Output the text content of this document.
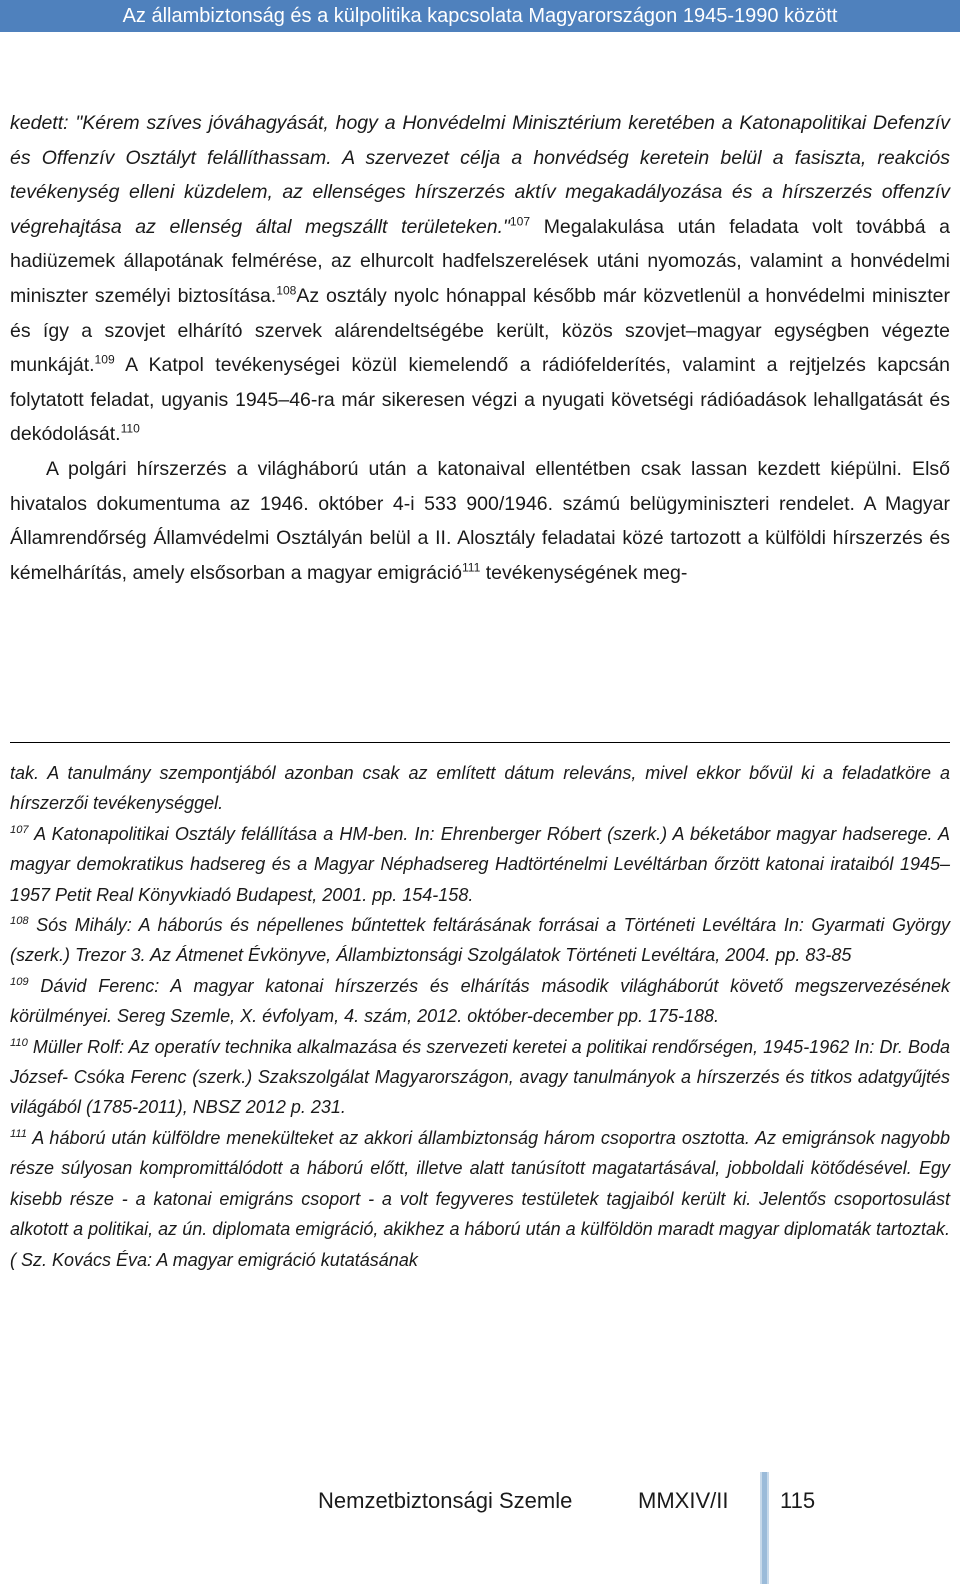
Az állambiztonság és a külpolitika kapcsolata Magyarországon 1945-1990 között

kedett: "Kérem szíves jóváhagyását, hogy a Honvédelmi Minisztérium keretében a Katonapolitikai Defenzív és Offenzív Osztályt felállíthassam. A szervezet célja a honvédség keretein belül a fasiszta, reakciós tevékenység elleni küzdelem, az ellenséges hírszerzés aktív megakadályozása és a hírszerzés offenzív végrehajtása az ellenség által megszállt területeken."$^{107}$ Megalakulása után feladata volt továbbá a hadiüzemek állapotának felmérése, az elhurcolt hadfelszerelések utáni nyomozás, valamint a honvédelmi miniszter személyi biztosítása.$^{108}$Az osztály nyolc hónappal később már közvetlenül a honvédelmi miniszter és így a szovjet elhárító szervek alárendeltségébe került, közös szovjet–magyar egységben végezte munkáját.$^{109}$ A Katpol tevékenységei közül kiemelendő a rádiófelderítés, valamint a rejtjelzés kapcsán folytatott feladat, ugyanis 1945–46-ra már sikeresen végzi a nyugati követségi rádióadások lehallgatását és dekódolását.$^{110}$

A polgári hírszerzés a világháború után a katonaival ellentétben csak lassan kezdett kiépülni. Első hivatalos dokumentuma az 1946. október 4-i 533 900/1946. számú belügyminiszteri rendelet. A Magyar Államrendőrség Államvédelmi Osztályán belül a II. Alosztály feladatai közé tartozott a külföldi hírszerzés és kémelhárítás, amely elsősorban a magyar emigráció$^{111}$ tevékenységének meg-

tak. A tanulmány szempontjából azonban csak az említett dátum releváns, mivel ekkor bővül ki a feladatköre a hírszerzői tevékenységgel.

$^{107}$ A Katonapolitikai Osztály felállítása a HM-ben. In: Ehrenberger Róbert (szerk.) A béketábor magyar hadserege. A magyar demokratikus hadsereg és a Magyar Néphadsereg Hadtörténelmi Levéltárban őrzött katonai irataiból 1945–1957 Petit Real Könyvkiadó Budapest, 2001. pp. 154-158.

$^{108}$ Sós Mihály: A háborús és népellenes bűntettek feltárásának forrásai a Történeti Levéltára In: Gyarmati György (szerk.) Trezor 3. Az Átmenet Évkönyve, Állambiztonsági Szolgálatok Történeti Levéltára, 2004. pp. 83-85

$^{109}$ Dávid Ferenc: A magyar katonai hírszerzés és elhárítás második világháborút követő megszervezésének körülményei. Sereg Szemle, X. évfolyam, 4. szám, 2012. október-december pp. 175-188.

$^{110}$ Müller Rolf: Az operatív technika alkalmazása és szervezeti keretei a politikai rendőrségen, 1945-1962 In: Dr. Boda József- Csóka Ferenc (szerk.) Szakszolgálat Magyarországon, avagy tanulmányok a hírszerzés és titkos adatgyűjtés világából (1785-2011), NBSZ 2012 p. 231.

$^{111}$ A háború után külföldre menekülteket az akkori állambiztonság három csoportra osztotta. Az emigránsok nagyobb része súlyosan kompromittálódott a háború előtt, illetve alatt tanúsított magatartásával, jobboldali kötődésével. Egy kisebb része - a katonai emigráns csoport - a volt fegyveres testületek tagjaiból került ki. Jelentős csoportosulást alkotott a politikai, az ún. diplomata emigráció, akikhez a háború után a külföldön maradt magyar diplomaták tartoztak. ( Sz. Kovács Éva: A magyar emigráció kutatásának

Nemzetbiztonsági Szemle	MMXIV/II 115
